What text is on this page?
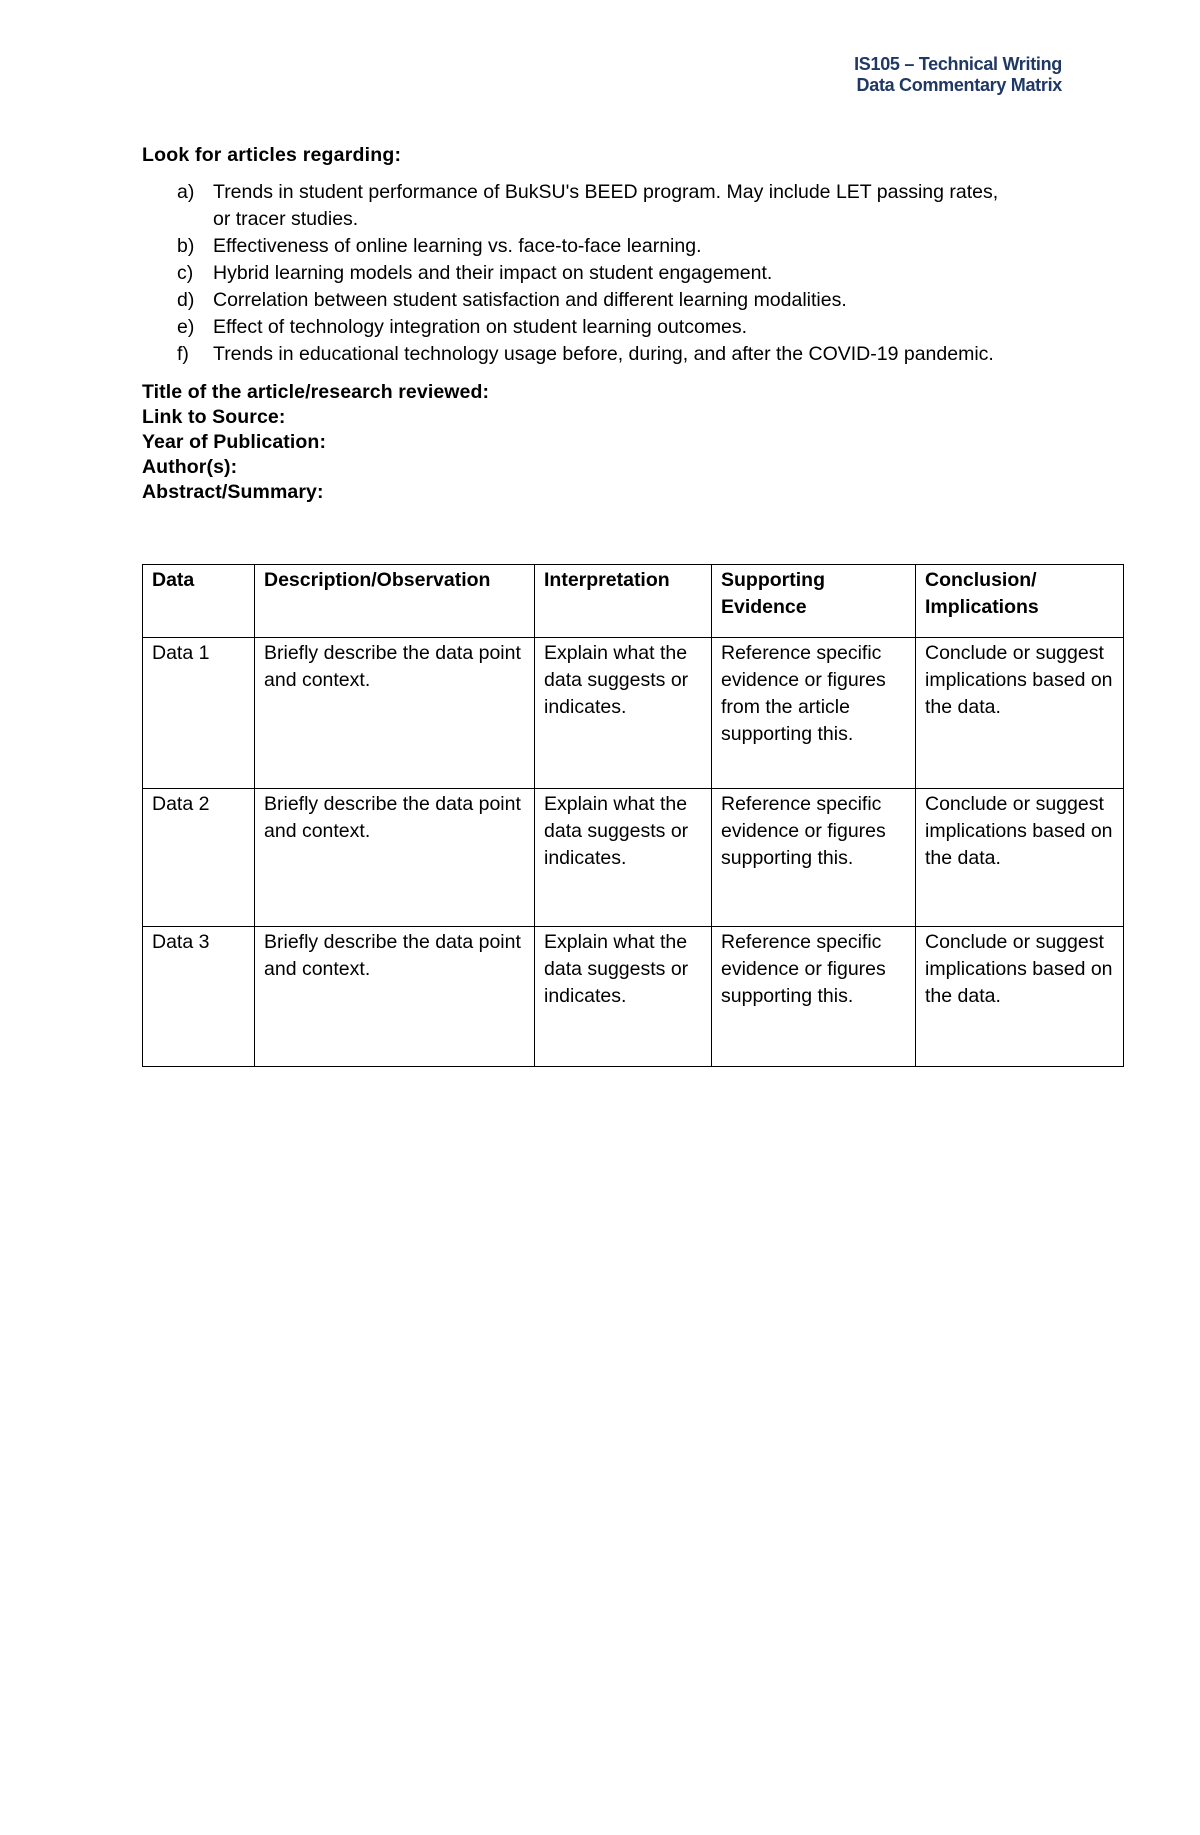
IS105 – Technical Writing
Data Commentary Matrix
Look for articles regarding:
a) Trends in student performance of BukSU's BEED program. May include LET passing rates, or tracer studies.
b) Effectiveness of online learning vs. face-to-face learning.
c) Hybrid learning models and their impact on student engagement.
d) Correlation between student satisfaction and different learning modalities.
e) Effect of technology integration on student learning outcomes.
f) Trends in educational technology usage before, during, and after the COVID-19 pandemic.
Title of the article/research reviewed:
Link to Source:
Year of Publication:
Author(s):
Abstract/Summary:
Data	Description/Observation	Interpretation	Supporting Evidence	Conclusion/ Implications
Data 1	Briefly describe the data point and context.	Explain what the data suggests or indicates.	Reference specific evidence or figures from the article supporting this.	Conclude or suggest implications based on the data.
Data 2	Briefly describe the data point and context.	Explain what the data suggests or indicates.	Reference specific evidence or figures supporting this.	Conclude or suggest implications based on the data.
Data 3	Briefly describe the data point and context.	Explain what the data suggests or indicates.	Reference specific evidence or figures supporting this.	Conclude or suggest implications based on the data.
